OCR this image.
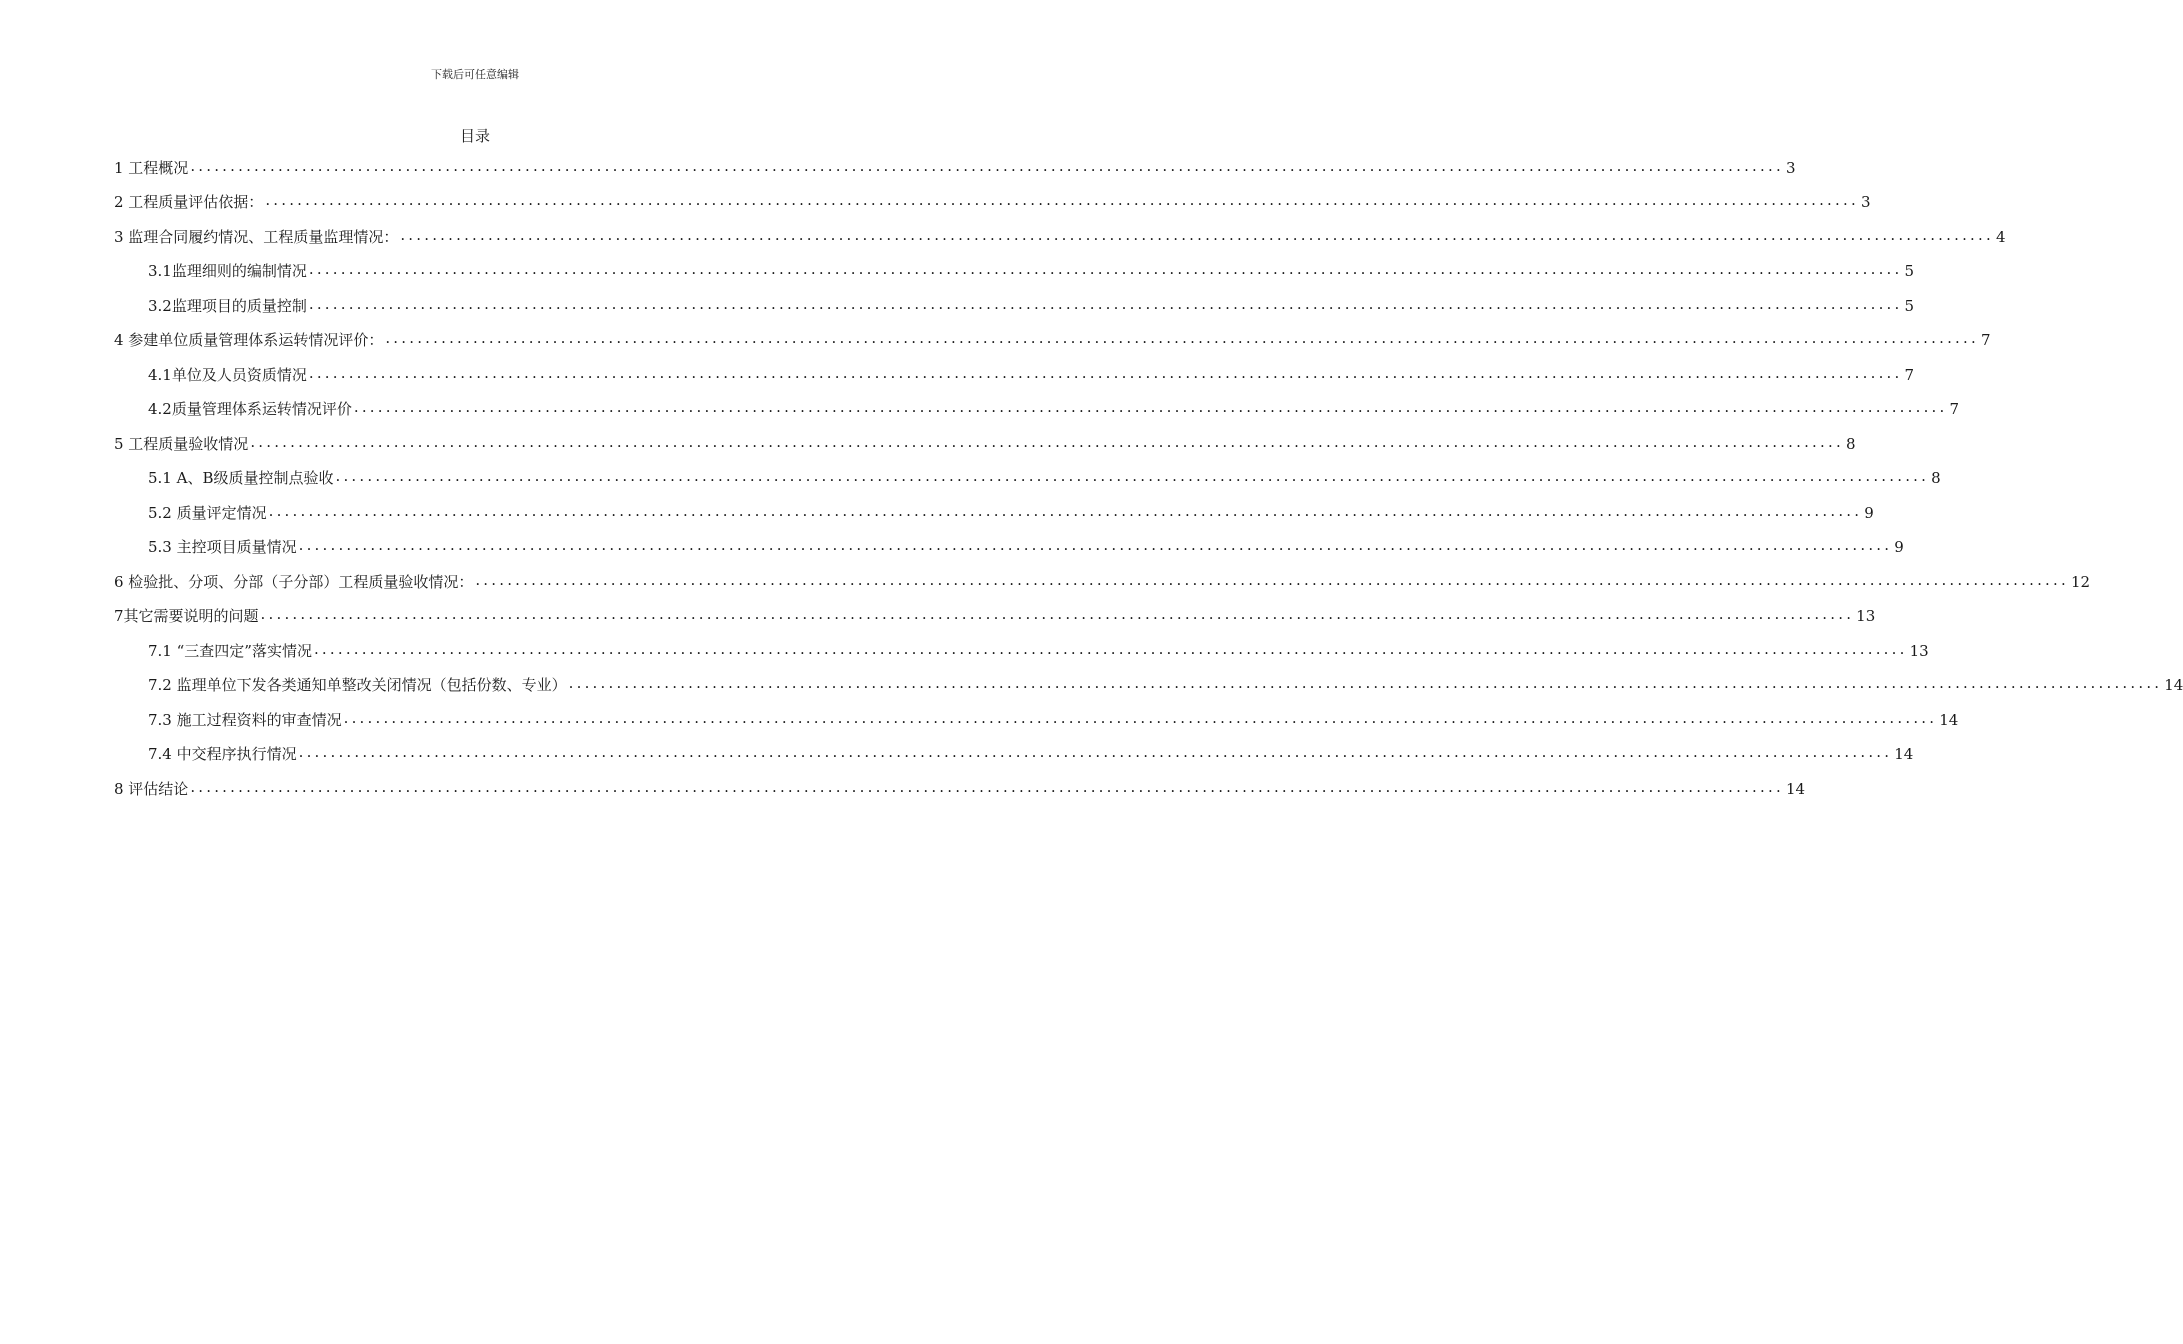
下载后可任意编辑
目录
1 工程概况 ........................................................................................................................................................................................................ 3
2 工程质量评估依据： ........................................................................................................................................................................................................ 3
3 监理合同履约情况、工程质量监理情况： ........................................................................................................................................................................................................ 4
3.1监理细则的编制情况 ........................................................................................................................................................................................................ 5
3.2监理项目的质量控制 ........................................................................................................................................................................................................ 5
4 参建单位质量管理体系运转情况评价： ........................................................................................................................................................................................................ 7
4.1单位及人员资质情况 ........................................................................................................................................................................................................ 7
4.2质量管理体系运转情况评价 ........................................................................................................................................................................................................ 7
5 工程质量验收情况 ........................................................................................................................................................................................................ 8
5.1 A、B级质量控制点验收 ........................................................................................................................................................................................................ 8
5.2 质量评定情况 ........................................................................................................................................................................................................ 9
5.3 主控项目质量情况 ........................................................................................................................................................................................................ 9
6 检验批、分项、分部（子分部）工程质量验收情况： ........................................................................................................................................................................................................ 12
7其它需要说明的问题 ........................................................................................................................................................................................................ 13
7.1 “三查四定”落实情况 ........................................................................................................................................................................................................ 13
7.2 监理单位下发各类通知单整改关闭情况（包括份数、专业） ........................................................................................................................................................................................................ 14
7.3 施工过程资料的审查情况 ........................................................................................................................................................................................................ 14
7.4 中交程序执行情况 ........................................................................................................................................................................................................ 14
8 评估结论 ........................................................................................................................................................................................................ 14
